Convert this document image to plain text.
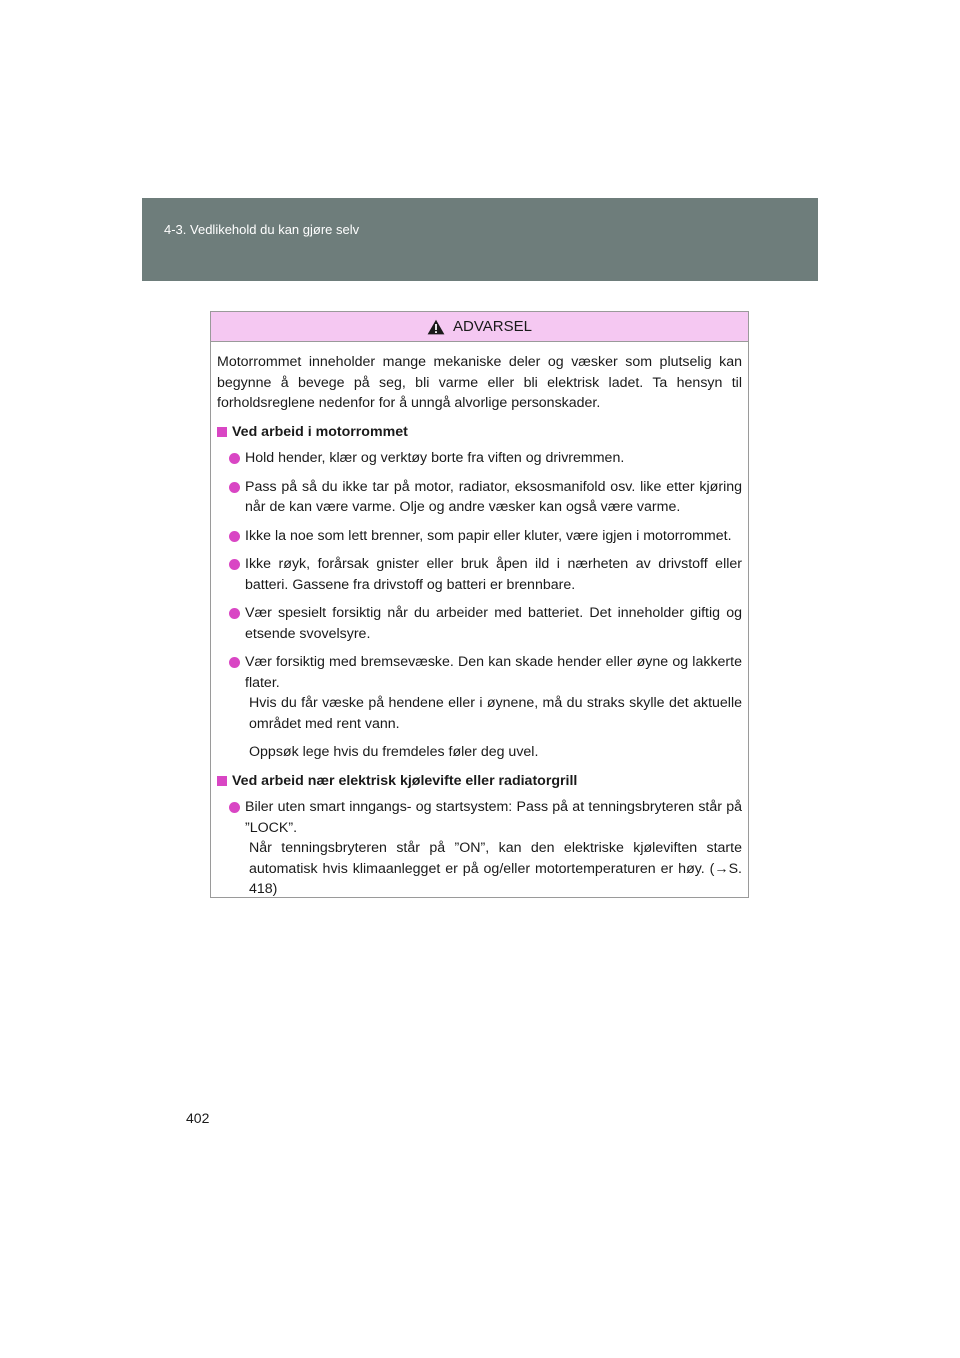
4-3. Vedlikehold du kan gjøre selv
ADVARSEL

Motorrommet inneholder mange mekaniske deler og væsker som plutselig kan begynne å bevege på seg, bli varme eller bli elektrisk ladet. Ta hensyn til forholdsreglene nedenfor for å unngå alvorlige personskader.

Ved arbeid i motorrommet
Hold hender, klær og verktøy borte fra viften og drivremmen.
Pass på så du ikke tar på motor, radiator, eksosmanifold osv. like etter kjøring når de kan være varme. Olje og andre væsker kan også være varme.
Ikke la noe som lett brenner, som papir eller kluter, være igjen i motorrommet.
Ikke røyk, forårsak gnister eller bruk åpen ild i nærheten av drivstoff eller batteri. Gassene fra drivstoff og batteri er brennbare.
Vær spesielt forsiktig når du arbeider med batteriet. Det inneholder giftig og etsende svovelsyre.
Vær forsiktig med bremsevæske. Den kan skade hender eller øyne og lakkerte flater.
Hvis du får væske på hendene eller i øynene, må du straks skylle det aktuelle området med rent vann.
Oppsøk lege hvis du fremdeles føler deg uvel.
Ved arbeid nær elektrisk kjølevifte eller radiatorgrill
Biler uten smart inngangs- og startsystem: Pass på at tenningsbryteren står på ”LOCK”.
Når tenningsbryteren står på ”ON”, kan den elektriske kjøleviften starte automatisk hvis klimaanlegget er på og/eller motortemperaturen er høy. (→S. 418)
402
